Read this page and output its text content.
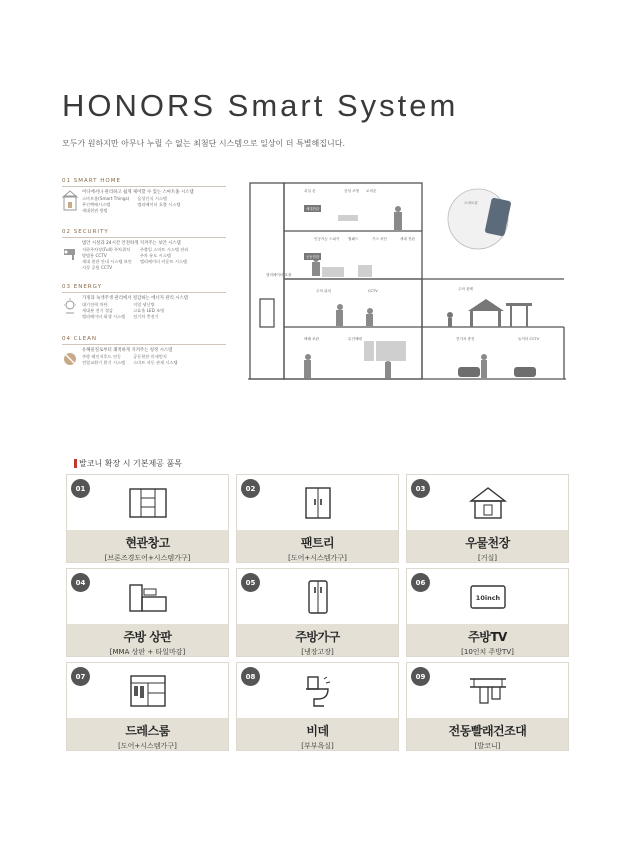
HONORS Smart System
모두가 원하지만 아무나 누릴 수 없는 최첨단 시스템으로 일상이 더 특별해집니다.
01 SMART HOME
어디에서나 관리하고 쉽게 제어할 수 있는 스마트홈 시스템
스마트홈(Smart Things)
무인택배시스템
세대현관 방범
음성인식 시스템
엘리베이터 호출 시스템
02 SECURITY
범안 시설과 24시간 안전하게 지켜주는 보안 시스템
지하주차장(Full) 주차위치
방범용 CCTV
세대 현관 안내 시스템 보안
지상 공원 CCTV
주출입 스마트 시스템 관리
주차 유도 시스템
엘리베이터 카운트 시스템
03 ENERGY
가정과 녹색주생 관리에서 절감하는 에너지 관리 시스템
대기전력 차단
세대분 전기 절감
엘리베이터 회생 시스템
지열 냉난방
고효율 LED 조명
전기차 충전기
04 CLEAN
유해물질로부터 쾌적하게 지켜주는 청정 시스템
주방 레인지후드 연동
전열교환기 환기 시스템
공동현관 미세먼지
스마트 자동 관제 시스템
욕실 폰	음성 조명 로비폰
인공지능 스피커 월패드	가스 차단	세대 현관
엘리베이터 호출
주차 위치	CCTV
스마트폰
택배 보관	무인택배
주차 관제
전기차 충전	놀이터 CCTV
세대현관
공동현관
발코니 확장 시 기본제공 품목
01
현관창고
[브론즈경도어+시스템가구]
02
팬트리
[도어+시스템가구]
03
우물천장
[거실]
04
주방 상판
[MMA 상판 + 타일마감]
05
주방가구
[냉장고장]
06
10inch
주방TV
[10인치 주방TV]
07
드레스룸
[도어+시스템가구]
08
비데
[부부욕실]
09
전동빨래건조대
[발코니]
